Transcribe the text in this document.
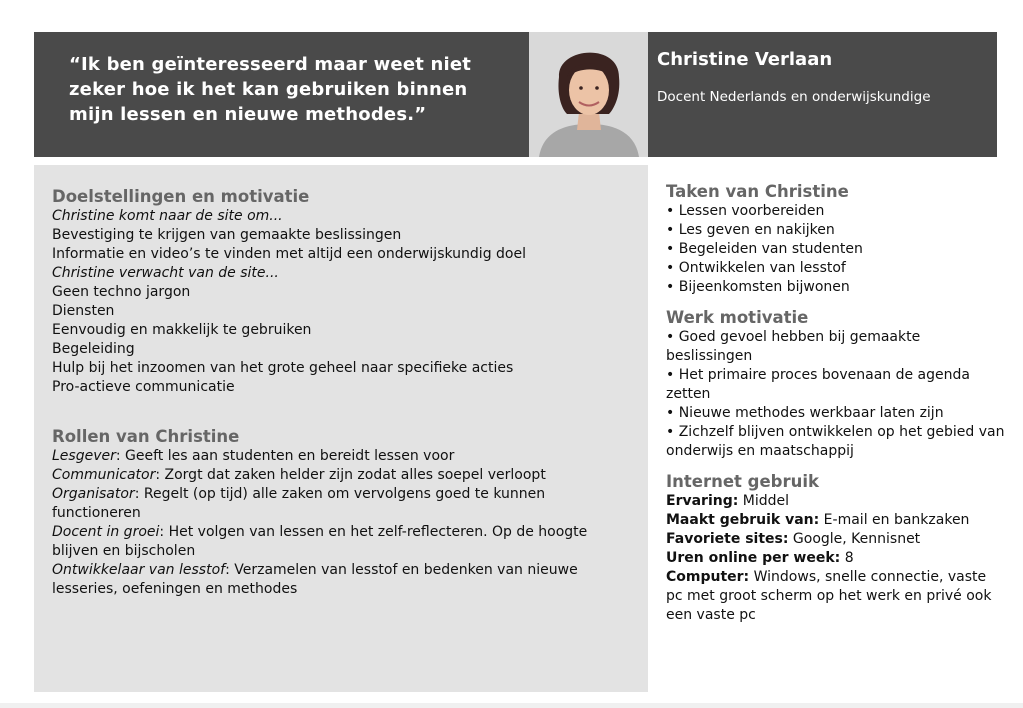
“Ik ben geïnteresseerd maar weet niet zeker hoe ik het kan gebruiken binnen mijn lessen en nieuwe methodes.”
Christine Verlaan
Docent Nederlands en onderwijskundige
Doelstellingen en motivatie

Christine komt naar de site om...

Bevestiging te krijgen van gemaakte beslissingen

Informatie en video’s te vinden met altijd een onderwijskundig doel

Christine verwacht van de site...

Geen techno jargon

Diensten

Eenvoudig en makkelijk te gebruiken

Begeleiding

Hulp bij het inzoomen van het grote geheel naar specifieke acties

Pro-actieve communicatie

Rollen van Christine

Lesgever: Geeft les aan studenten en bereidt lessen voor

Communicator: Zorgt dat zaken helder zijn zodat alles soepel verloopt

Organisator: Regelt (op tijd) alle zaken om vervolgens goed te kunnen functioneren

Docent in groei: Het volgen van lessen en het zelf-reflecteren. Op de hoogte blijven en bijscholen

Ontwikkelaar van lesstof: Verzamelen van lesstof en bedenken van nieuwe lesseries, oefeningen en methodes

Taken van Christine

• Lessen voorbereiden

• Les geven en nakijken

• Begeleiden van studenten

• Ontwikkelen van lesstof

• Bijeenkomsten bijwonen

Werk motivatie

• Goed gevoel hebben bij gemaakte beslissingen

• Het primaire proces bovenaan de agenda zetten

• Nieuwe methodes werkbaar laten zijn

• Zichzelf blijven ontwikkelen op het gebied van onderwijs en maatschappij

Internet gebruik

Ervaring: Middel

Maakt gebruik van: E-mail en bankzaken

Favoriete sites: Google, Kennisnet

Uren online per week: 8

Computer: Windows, snelle connectie, vaste pc met groot scherm op het werk en privé ook een vaste pc
